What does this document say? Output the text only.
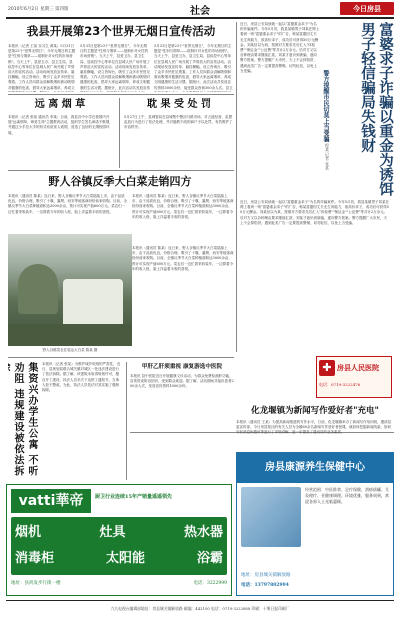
2010年6月2日 星期三 第四版	社会	今日房县
我县开展第23个世界无烟日宣传活动
本报讯（记者 王某 实习生 黄某）5月31日是第23个"世界无烟日"，今年无烟日的主题是"性别与烟草——抵制针对女性的市场营销"。当天上午，县爱卫办、县卫生局、县疾控中心等单位在县城人民广场开展了声势浩大的宣传活动。活动现场发放宣传单，悬挂横幅，设立咨询台，吸引了众多市民驻足观看。工作人员向群众讲解吸烟和被动吸烟对健康的危害，倡导大家远离烟草，养成文
5月31日是第23个"世界无烟日"，今年无烟日的主题是"性别与烟草——抵制针对女性的市场营销"。当天上午，县爱卫办、县卫生局、县疾控中心等单位在县城人民广场开展了声势浩大的宣传活动。活动现场发放宣传单，悬挂横幅，设立咨询台，吸引了众多市民驻足观看。工作人员向群众讲解吸烟和被动吸烟对健康的危害，倡导大家远离烟草，养成文明健康的生活习惯。据统计，此次活动共发放宣传
5月31日是第23个"世界无烟日"，今年无烟日的主题是"性别与烟草——抵制针对女性的市场营销"。当天上午，县爱卫办、县卫生局、县疾控中心等单位在县城人民广场开展了声势浩大的宣传活动。活动现场发放宣传单，悬挂横幅，设立咨询台，吸引了众多市民驻足观看。工作人员向群众讲解吸烟和被动吸烟对健康的危害，倡导大家远离烟草，养成文明健康的生活习惯。据统计，此次活动共发放宣传资料5000余份，接受群众咨询300余人次。县卫
远 离 烟 草
本报讯（记者 张某 通讯员 李某）日前，我县各中小学在校园内开展"远离烟草，珍爱生命"主题教育活动，组织学生签名承诺不吸烟，并通过小手拉大手的形式劝说家人戒烟，营造了良好的无烟校园环境。
耽 果 受 处 罚
5月27日上午，县城管局在县城集中整治马路市场，对占道经营、乱摆乱放行为进行了依法处理，并对屡教不改的商户予以处罚，有效维护了市容秩序。
野人谷镇反季大白菜走销四方
本报讯（通讯员 陈某）连日来，野人谷镇反季节大白菜陆续上市，由于品质优良，价格合理，吸引了十堰、襄樊、西安等地客商纷纷前来收购。目前，全镇反季节大白菜种植面积达3000余亩，预计可实现产值600万元。菜农们一边忙着采收装车，一边算着今年的收入账，脸上洋溢着丰收的喜悦。
本报讯（通讯员 陈某）连日来，野人谷镇反季节大白菜陆续上市，由于品质优良，价格合理，吸引了十堰、襄樊、西安等地客商纷纷前来收购。目前，全镇反季节大白菜种植面积达3000余亩，预计可实现产值600万元。菜农们一边忙着采收装车，一边算着今年的收入账，脸上洋溢着丰收的喜悦。
本报讯（通讯员 陈某）连日来，野人谷镇反季节大白菜陆续上市，由于品质优良，价格合理，吸引了十堰、襄樊、西安等地客商纷纷前来收购。目前，全镇反季节大白菜种植面积达3000余亩，预计可实现产值600万元。菜农们一边忙着采收装车，一边算着今年的收入账，脸上洋溢着丰收的喜悦。
野人谷镇菜农在装运大白菜 陈某 摄
集资兴办学生公寓 不听劝阻 违规建设被依法拆
本报讯（记者 张某）为维护城乡规划的严肃性，近日，县规划局联合城关镇对城区一处违法建设进行了依法拆除。据了解，该建筑未取得规划许可，擅自开工建设，执法人员多次下达停工通知书，当事人拒不整改。为此，执法人员依法对其实施了强制拆除。
甲肝乙肝须重视 康复游选中医院
本报讯 县中医院近日开展健康义诊活动，为群众免费检测肝功能，宣传肝炎防治知识，受到群众欢迎。据了解，活动期间共接诊患者200余人次，发放宣传资料1000余份。
✚ 房县人民医院
电话：0719-3222476
化龙堰镇为新闻写作爱好者"充电"
本报讯（通讯员 王某）为提高新闻报道的写作水平，日前，化龙堰镇举办了新闻写作培训班，邀请县委宣传部、今日房县报社的有关人员为全镇60余名新闻写作爱好者授课，就如何挖掘新闻线索、如何写好消息和通讯等进行了详细讲解，进一步提高了通讯员的业务素质。
近日，房县公安局侦破一起以"富婆重金求子"为名的诈骗案件。今年5月初，我县某镇男子刘某在网上看到一则"富婆重金求子"的广告，称某富婆因丈夫无生育能力，欲高价求子，成功后可获得50万元酬金。刘某信以为真，按照对方要求先后汇入"体检费""保证金""公证费"等共计2万余元。后对方又以各种理由要求继续汇款，刘某才意识到被骗，遂向警方报案。警方提醒广大市民，天上不会掉馅饼，遇到此类广告一定要提高警惕，切勿轻信，以免上当受骗。
近日，房县公安局侦破一起以"富婆重金求子"为名的诈骗案件。今年5月初，我县某镇男子刘某在网上看到一则"富婆重金求子"的广告，称某富婆因丈夫无生育能力，欲高价求子，成功后可获得50万元酬金。刘某信以为真，按照对方要求先后汇入"体检费""保证金""公证费"等共计2万余元。后对方又以各种理由要求继续汇款，刘某才意识到被骗，遂向警方报案。警方提醒广大市民，天上不会掉馅饼，遇到此类广告一定要提高警惕，切勿轻信，以免上当受骗。
富婆求子诈骗以重金为诱饵男子轻信骗局失钱财
警方提醒市民切莫上当受骗
通讯员 程某 记者 张某
vatti華帝	厨卫行业连续15年产销量遥遥领先
烟机	灶具	热水器
消毒柜	太阳能	浴霸
地址：县鸿发步行街一楼	电话：3222999
房县康源养生保健中心
经营范围：中医推拿、足疗保健、刮痧拔罐、艾灸理疗、亚健康调理。环境优雅，服务周到，欢迎各界人士光临惠顾。
地址：房县城关镇解放路
电话：13797802994
九九电视台编辑部地址：房县城关镇解放路 邮编：442100 电话：0719-3222888 印刷：十堰日报印刷厂
